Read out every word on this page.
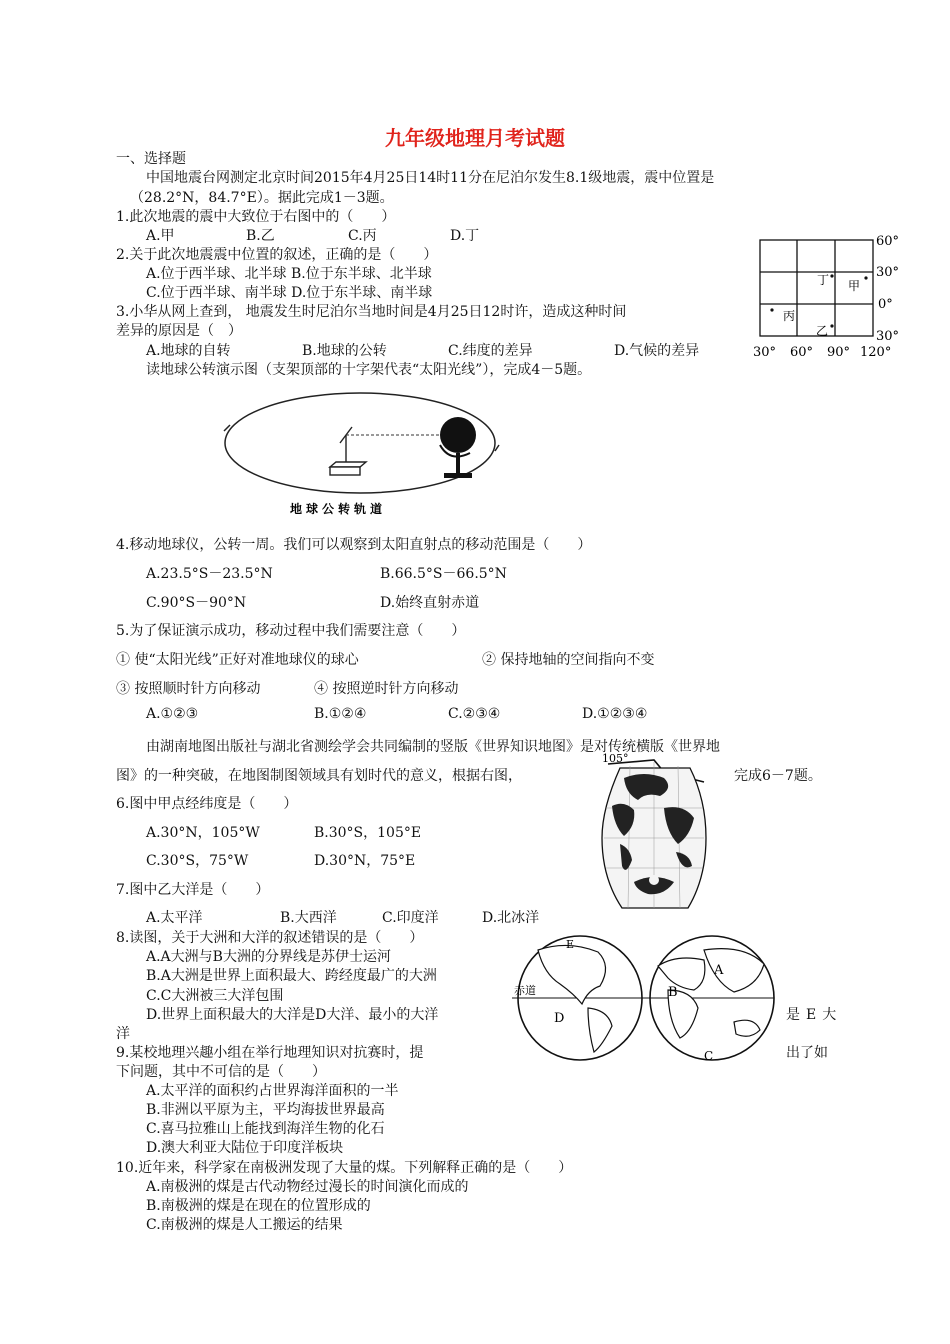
九年级地理月考试题
一、选择题
中国地震台网测定北京时间2015年4月25日14时11分在尼泊尔发生8.1级地震，震中位置是
（28.2°N，84.7°E）。据此完成1－3题。
1.此次地震的震中大致位于右图中的（　　）
A.甲	B.乙	C.丙	D.丁
2.关于此次地震震中位置的叙述，正确的是（　　）
A.位于西半球、北半球 B.位于东半球、北半球
C.位于西半球、南半球 D.位于东半球、南半球
3.小华从网上查到， 地震发生时尼泊尔当地时间是4月25日12时许，造成这种时间
差异的原因是（　）
A.地球的自转	B.地球的公转	C.纬度的差异	D.气候的差异
60°
30°
0°
30°
30° 60° 90° 120°
甲
乙
丙
丁
读地球公转演示图（支架顶部的十字架代表“太阳光线”），完成4－5题。
地球公转轨道
4.移动地球仪，公转一周。我们可以观察到太阳直射点的移动范围是（　　）
A.23.5°S－23.5°N	B.66.5°S－66.5°N
C.90°S－90°N	D.始终直射赤道
5.为了保证演示成功，移动过程中我们需要注意（　　）
① 使“太阳光线”正好对准地球仪的球心	② 保持地轴的空间指向不变
③ 按照顺时针方向移动	④ 按照逆时针方向移动
A.①②③	B.①②④	C.②③④	D.①②③④
由湖南地图出版社与湖北省测绘学会共同编制的竖版《世界知识地图》是对传统横版《世界地
图》的一种突破，在地图制图领域具有划时代的意义，根据右图，	完成6－7题。
105°
6.图中甲点经纬度是（　　）
A.30°N，105°W	B.30°S，105°E
C.30°S，75°W	D.30°N，75°E
7.图中乙大洋是（　　）
A.太平洋	B.大西洋	C.印度洋	D.北冰洋
8.读图，关于大洲和大洋的叙述错误的是（　　）
A.A大洲与B大洲的分界线是苏伊士运河
B.A大洲是世界上面积最大、跨经度最广的大洲
C.C大洲被三大洋包围
D.世界上面积最大的大洋是D大洋、最小的大洋	是E大
洋
赤道
A
B
C
D
E
9.某校地理兴趣小组在举行地理知识对抗赛时，提	出了如
下问题，其中不可信的是（　　）
A.太平洋的面积约占世界海洋面积的一半
B.非洲以平原为主，平均海拔世界最高
C.喜马拉雅山上能找到海洋生物的化石
D.澳大利亚大陆位于印度洋板块
10.近年来，科学家在南极洲发现了大量的煤。下列解释正确的是（　　）
A.南极洲的煤是古代动物经过漫长的时间演化而成的
B.南极洲的煤是在现在的位置形成的
C.南极洲的煤是人工搬运的结果
